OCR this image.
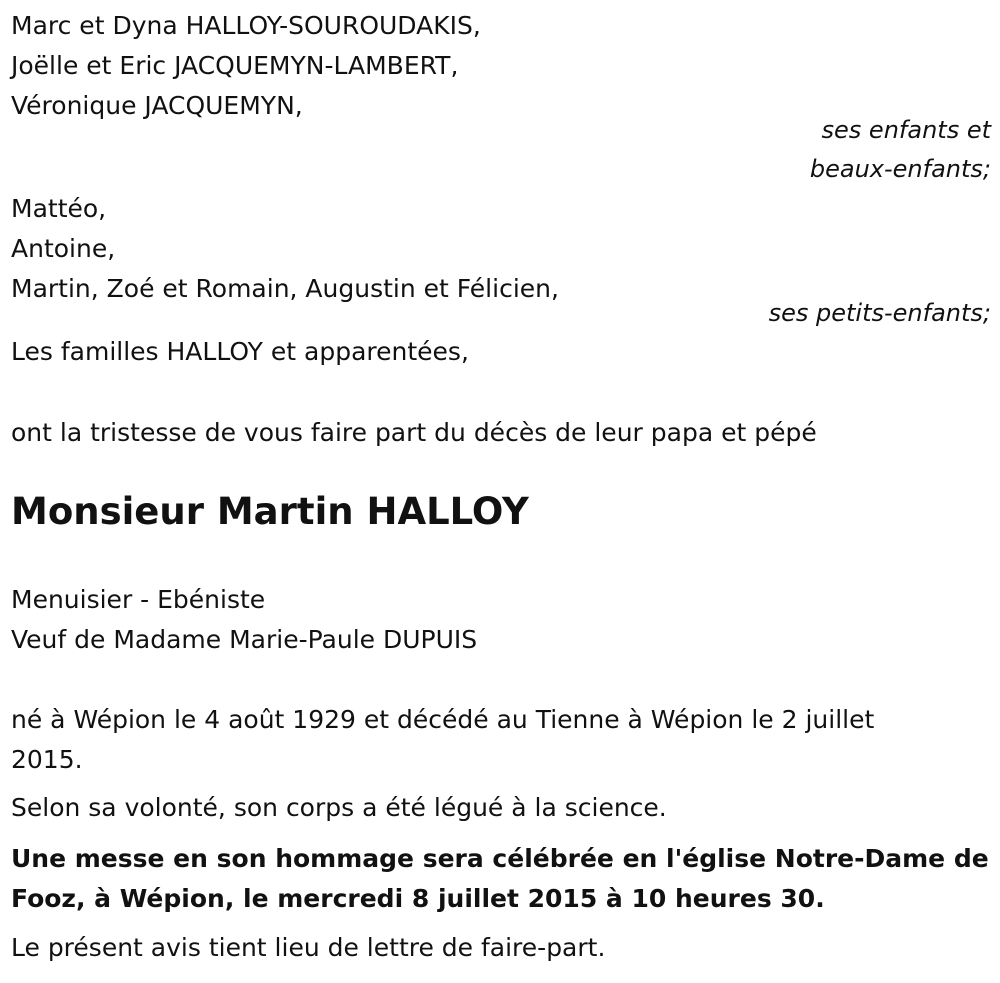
Marc et Dyna HALLOY-SOUROUDAKIS,
Joëlle et Eric JACQUEMYN-LAMBERT,
Véronique JACQUEMYN,
ses enfants et
beaux-enfants;
Mattéo,
Antoine,
Martin, Zoé et Romain, Augustin et Félicien,
ses petits-enfants;
Les familles HALLOY et apparentées,
ont la tristesse de vous faire part du décès de leur papa et pépé
Monsieur Martin HALLOY
Menuisier - Ebéniste
Veuf de Madame Marie-Paule DUPUIS
né à Wépion le 4 août 1929 et décédé au Tienne à Wépion le 2 juillet
2015.
Selon sa volonté, son corps a été légué à la science.
Une messe en son hommage sera célébrée en l'église Notre-Dame de
Fooz, à Wépion, le mercredi 8 juillet 2015 à 10 heures 30.
Le présent avis tient lieu de lettre de faire-part.
